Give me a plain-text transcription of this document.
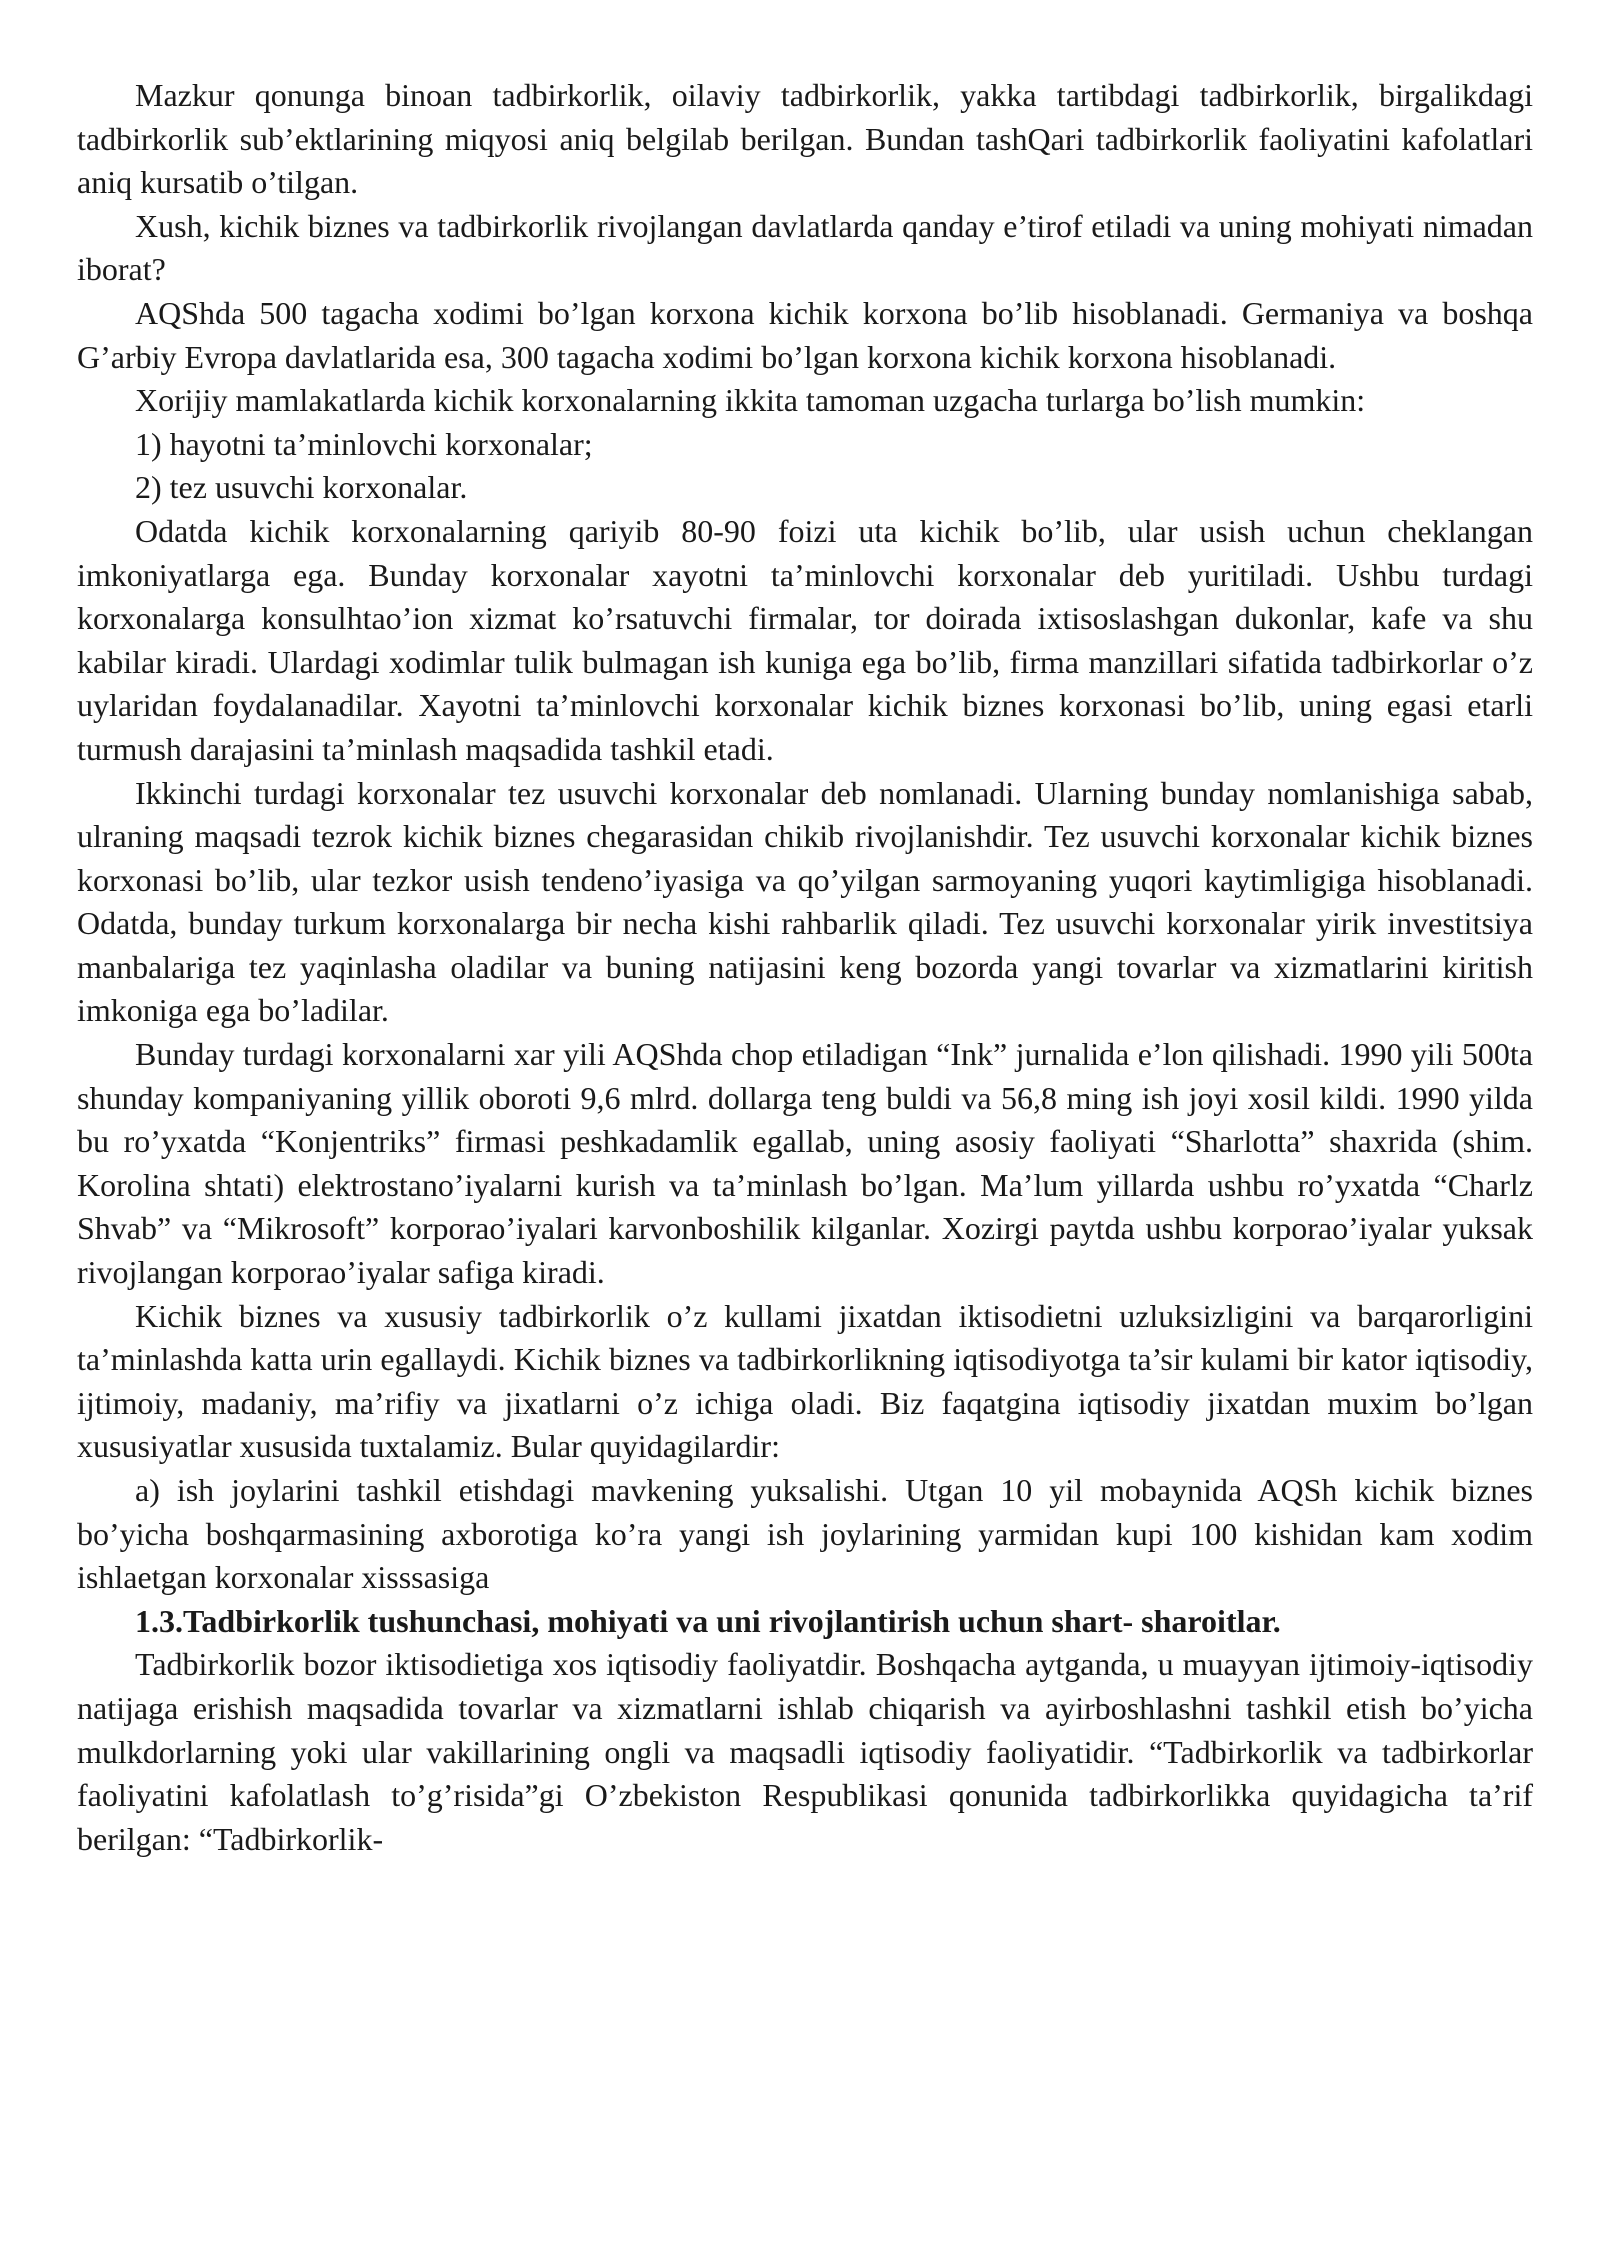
Mazkur qonunga binoan tadbirkorlik, oilaviy tadbirkorlik, yakka tartibdagi tadbirkorlik, birgalikdagi tadbirkorlik sub’ektlarining miqyosi aniq belgilab berilgan. Bundan tashQari tadbirkorlik faoliyatini kafolatlari aniq kursatib o’tilgan.

Xush, kichik biznes va tadbirkorlik rivojlangan davlatlarda qanday e’tirof etiladi va uning mohiyati nimadan iborat?

AQShda 500 tagacha xodimi bo’lgan korxona kichik korxona bo’lib hisoblanadi. Germaniya va boshqa G’arbiy Evropa davlatlarida esa, 300 tagacha xodimi bo’lgan korxona kichik korxona hisoblanadi.

Xorijiy mamlakatlarda kichik korxonalarning ikkita tamoman uzgacha turlarga bo’lish mumkin:

1) hayotni ta’minlovchi korxonalar;

2) tez usuvchi korxonalar.

Odatda kichik korxonalarning qariyib 80-90 foizi uta kichik bo’lib, ular usish uchun cheklangan imkoniyatlarga ega. Bunday korxonalar xayotni ta’minlovchi korxonalar deb yuritiladi. Ushbu turdagi korxonalarga konsulhtao’ion xizmat ko’rsatuvchi firmalar, tor doirada ixtisoslashgan dukonlar, kafe va shu kabilar kiradi. Ulardagi xodimlar tulik bulmagan ish kuniga ega bo’lib, firma manzillari sifatida tadbirkorlar o’z uylaridan foydalanadilar. Xayotni ta’minlovchi korxonalar kichik biznes korxonasi bo’lib, uning egasi etarli turmush darajasini ta’minlash maqsadida tashkil etadi.

Ikkinchi turdagi korxonalar tez usuvchi korxonalar deb nomlanadi. Ularning bunday nomlanishiga sabab, ulraning maqsadi tezrok kichik biznes chegarasidan chikib rivojlanishdir. Tez usuvchi korxonalar kichik biznes korxonasi bo’lib, ular tezkor usish tendeno’iyasiga va qo’yilgan sarmoyaning yuqori kaytimligiga hisoblanadi. Odatda, bunday turkum korxonalarga bir necha kishi rahbarlik qiladi. Tez usuvchi korxonalar yirik investitsiya manbalariga tez yaqinlasha oladilar va buning natijasini keng bozorda yangi tovarlar va xizmatlarini kiritish imkoniga ega bo’ladilar.

Bunday turdagi korxonalarni xar yili AQShda chop etiladigan “Ink” jurnalida e’lon qilishadi. 1990 yili 500ta shunday kompaniyaning yillik oboroti 9,6 mlrd. dollarga teng buldi va 56,8 ming ish joyi xosil kildi. 1990 yilda bu ro’yxatda “Konjentriks” firmasi peshkadamlik egallab, uning asosiy faoliyati “Sharlotta” shaxrida (shim. Korolina shtati) elektrostano’iyalarni kurish va ta’minlash bo’lgan. Ma’lum yillarda ushbu ro’yxatda “Charlz Shvab” va “Mikrosoft” korporao’iyalari karvonboshilik kilganlar. Xozirgi paytda ushbu korporao’iyalar yuksak rivojlangan korporao’iyalar safiga kiradi.

Kichik biznes va xususiy tadbirkorlik o’z kullami jixatdan iktisodietni uzluksizligini va barqarorligini ta’minlashda katta urin egallaydi. Kichik biznes va tadbirkorlikning iqtisodiyotga ta’sir kulami bir kator iqtisodiy, ijtimoiy, madaniy, ma’rifiy va jixatlarni o’z ichiga oladi. Biz faqatgina iqtisodiy jixatdan muxim bo’lgan xususiyatlar xususida tuxtalamiz. Bular quyidagilardir:

a) ish joylarini tashkil etishdagi mavkening yuksalishi. Utgan 10 yil mobaynida AQSh kichik biznes bo’yicha boshqarmasining axborotiga ko’ra yangi ish joylarining yarmidan kupi 100 kishidan kam xodim ishlaetgan korxonalar xisssasiga

1.3.Tadbirkorlik tushunchasi, mohiyati va uni rivojlantirish uchun shart- sharoitlar.

Tadbirkorlik bozor iktisodietiga xos iqtisodiy faoliyatdir. Boshqacha aytganda, u muayyan ijtimoiy-iqtisodiy natijaga erishish maqsadida tovarlar va xizmatlarni ishlab chiqarish va ayirboshlashni tashkil etish bo’yicha mulkdorlarning yoki ular vakillarining ongli va maqsadli iqtisodiy faoliyatidir. “Tadbirkorlik va tadbirkorlar faoliyatini kafolatlash to’g’risida”gi O’zbekiston Respublikasi qonunida tadbirkorlikka quyidagicha ta’rif berilgan: “Tadbirkorlik-
